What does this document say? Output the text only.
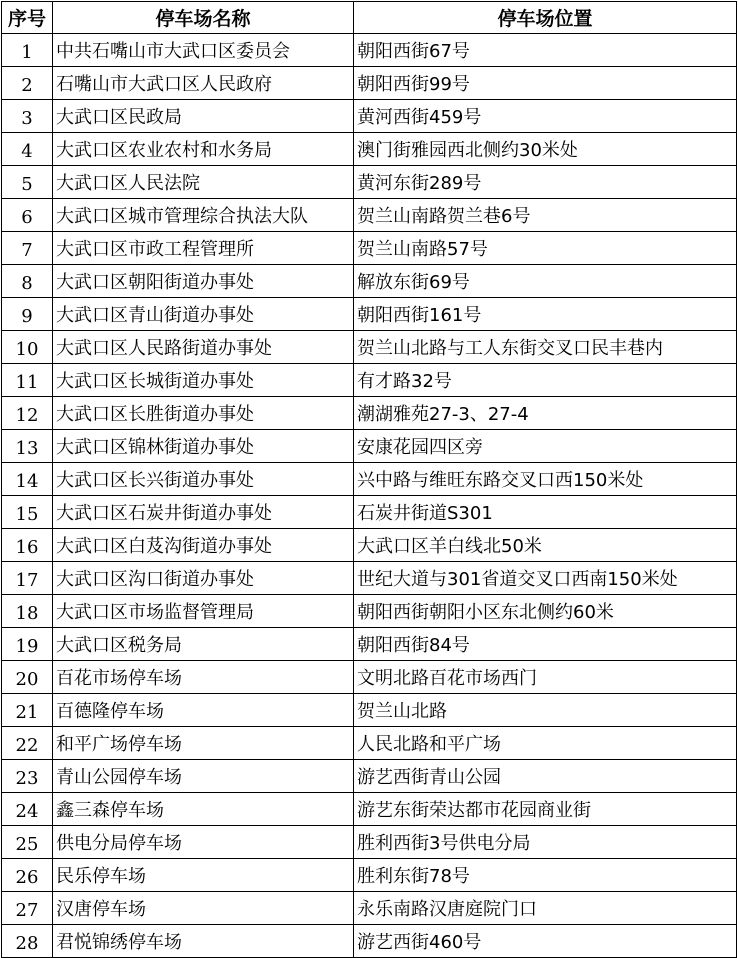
序号	停车场名称	停车场位置
1	中共石嘴山市大武口区委员会	朝阳西街67号
2	石嘴山市大武口区人民政府	朝阳西街99号
3	大武口区民政局	黄河西街459号
4	大武口区农业农村和水务局	澳门街雅园西北侧约30米处
5	大武口区人民法院	黄河东街289号
6	大武口区城市管理综合执法大队	贺兰山南路贺兰巷6号
7	大武口区市政工程管理所	贺兰山南路57号
8	大武口区朝阳街道办事处	解放东街69号
9	大武口区青山街道办事处	朝阳西街161号
10	大武口区人民路街道办事处	贺兰山北路与工人东街交叉口民丰巷内
11	大武口区长城街道办事处	有才路32号
12	大武口区长胜街道办事处	潮湖雅苑27-3、27-4
13	大武口区锦林街道办事处	安康花园四区旁
14	大武口区长兴街道办事处	兴中路与维旺东路交叉口西150米处
15	大武口区石炭井街道办事处	石炭井街道S301
16	大武口区白芨沟街道办事处	大武口区羊白线北50米
17	大武口区沟口街道办事处	世纪大道与301省道交叉口西南150米处
18	大武口区市场监督管理局	朝阳西街朝阳小区东北侧约60米
19	大武口区税务局	朝阳西街84号
20	百花市场停车场	文明北路百花市场西门
21	百德隆停车场	贺兰山北路
22	和平广场停车场	人民北路和平广场
23	青山公园停车场	游艺西街青山公园
24	鑫三森停车场	游艺东街荣达都市花园商业街
25	供电分局停车场	胜利西街3号供电分局
26	民乐停车场	胜利东街78号
27	汉唐停车场	永乐南路汉唐庭院门口
28	君悦锦绣停车场	游艺西街460号
